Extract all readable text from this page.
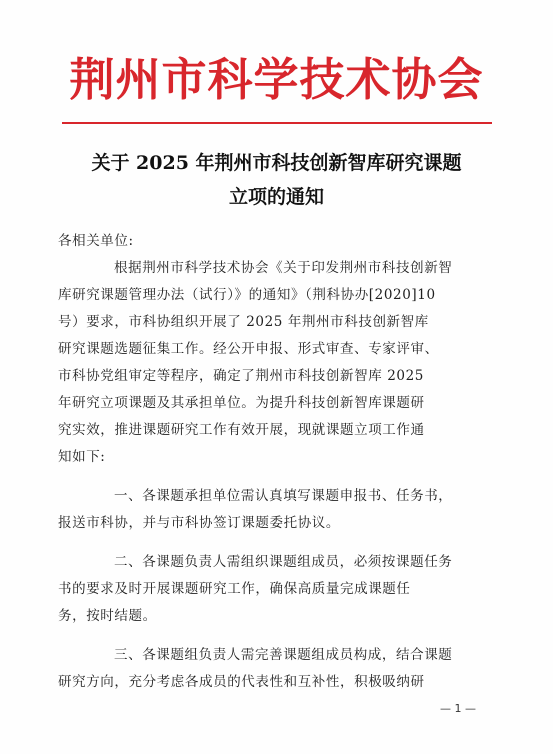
荆州市科学技术协会
关于 2025 年荆州市科技创新智库研究课题
立项的通知
各相关单位:
根据荆州市科学技术协会《关于印发荆州市科技创新智
库研究课题管理办法（试行）》的通知》（荆科协办[2020]10
号）要求，市科协组织开展了 2025 年荆州市科技创新智库
研究课题选题征集工作。经公开申报、形式审查、专家评审、
市科协党组审定等程序，确定了荆州市科技创新智库 2025
年研究立项课题及其承担单位。为提升科技创新智库课题研
究实效，推进课题研究工作有效开展，现就课题立项工作通
知如下:
一、各课题承担单位需认真填写课题申报书、任务书，
报送市科协，并与市科协签订课题委托协议。
二、各课题负责人需组织课题组成员，必须按课题任务
书的要求及时开展课题研究工作，确保高质量完成课题任
务，按时结题。
三、各课题组负责人需完善课题组成员构成，结合课题
研究方向，充分考虑各成员的代表性和互补性，积极吸纳研
— 1 —
